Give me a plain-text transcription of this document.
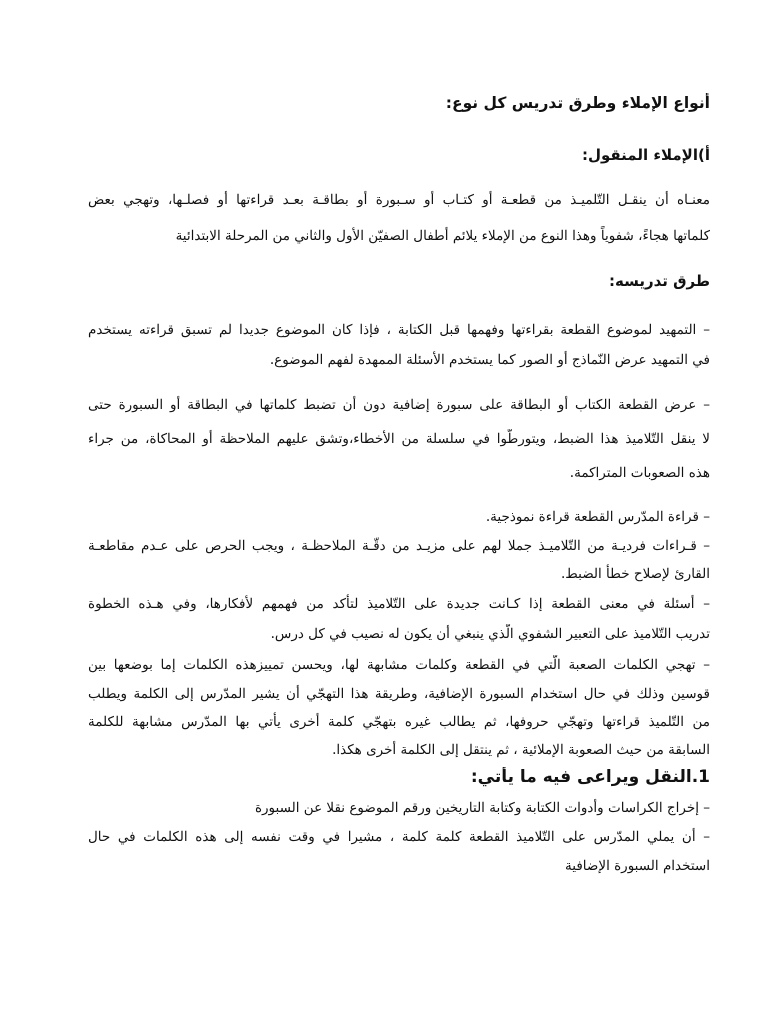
أنواع الإملاء وطرق تدريس كل نوع:
أ)الإملاء المنقول:
معنـاه أن ينقـل التّلميـذ من قطعـة أو كتـاب أو سـبورة أو بطاقـة بعـد قراءتها أو فصلـها، وتهجي بعض
كلماتها هجاءً، شفوياً وهذا النوع من الإملاء يلائم أطفال الصفيّن الأول والثاني من المرحلة الابتدائية
طرق تدريسه:
– التمهيد لموضوع القطعة بقراءتها وفهمها قبل الكتابة ، فإذا كان الموضوع جديدا لم تسبق قراءته يستخدم
في التمهيد عرض النّماذج أو الصور كما يستخدم الأسئلة الممهدة لفهم الموضوع.
– عرض القطعة الكتاب أو البطاقة على سبورة إضافية دون أن تضبط كلماتها في البطاقة أو السبورة حتى
لا ينقل التّلاميذ هذا الضبط، ويتورطّوا في سلسلة من الأخطاء،وتشق عليهم الملاحظة أو المحاكاة، من جراء
هذه الصعوبات المتراكمة.
– قراءة المدّرس القطعة قراءة نموذجية.
– قـراءات فرديـة من التّلاميـذ جملا لهم على مزيـد من دقّـة الملاحظـة ، ويجب الحرص على عـدم مقاطعـة
القارئ لإصلاح خطأ الضبط.
– أسئلة في معنى القطعة إذا كـانت جديدة على التّلاميذ لتأكد من فهمهم لأفكارها، وفي هـذه الخطوة
تدريب التّلاميذ على التعبير الشفوي الّذي ينبغي أن يكون له نصيب في كل درس.
– تهجي الكلمات الصعبة الّتي في القطعة وكلمات مشابهة لها، ويحسن تمييزهذه الكلمات إما بوضعها بين
قوسين وذلك في حال استخدام السبورة الإضافية، وطريقة هذا التهجّي أن يشير المدّرس إلى الكلمة ويطلب
من التّلميذ قراءتها وتهجّي حروفها، ثم يطالب غيره بتهجّي كلمة أخرى يأتي بها المدّرس مشابهة للكلمة
السابقة من حيث الصعوبة الإملائية ، ثم ينتقل إلى الكلمة أخرى هكذا.
1.النقل ويراعى فيه ما يأتي:
– إخراج الكراسات وأدوات الكتابة وكتابة التاريخين ورقم الموضوع نقلا عن السبورة
– أن يملي المدّرس على التّلاميذ القطعة كلمة كلمة ، مشيرا في وقت نفسه إلى هذه الكلمات في حال
استخدام السبورة الإضافية
